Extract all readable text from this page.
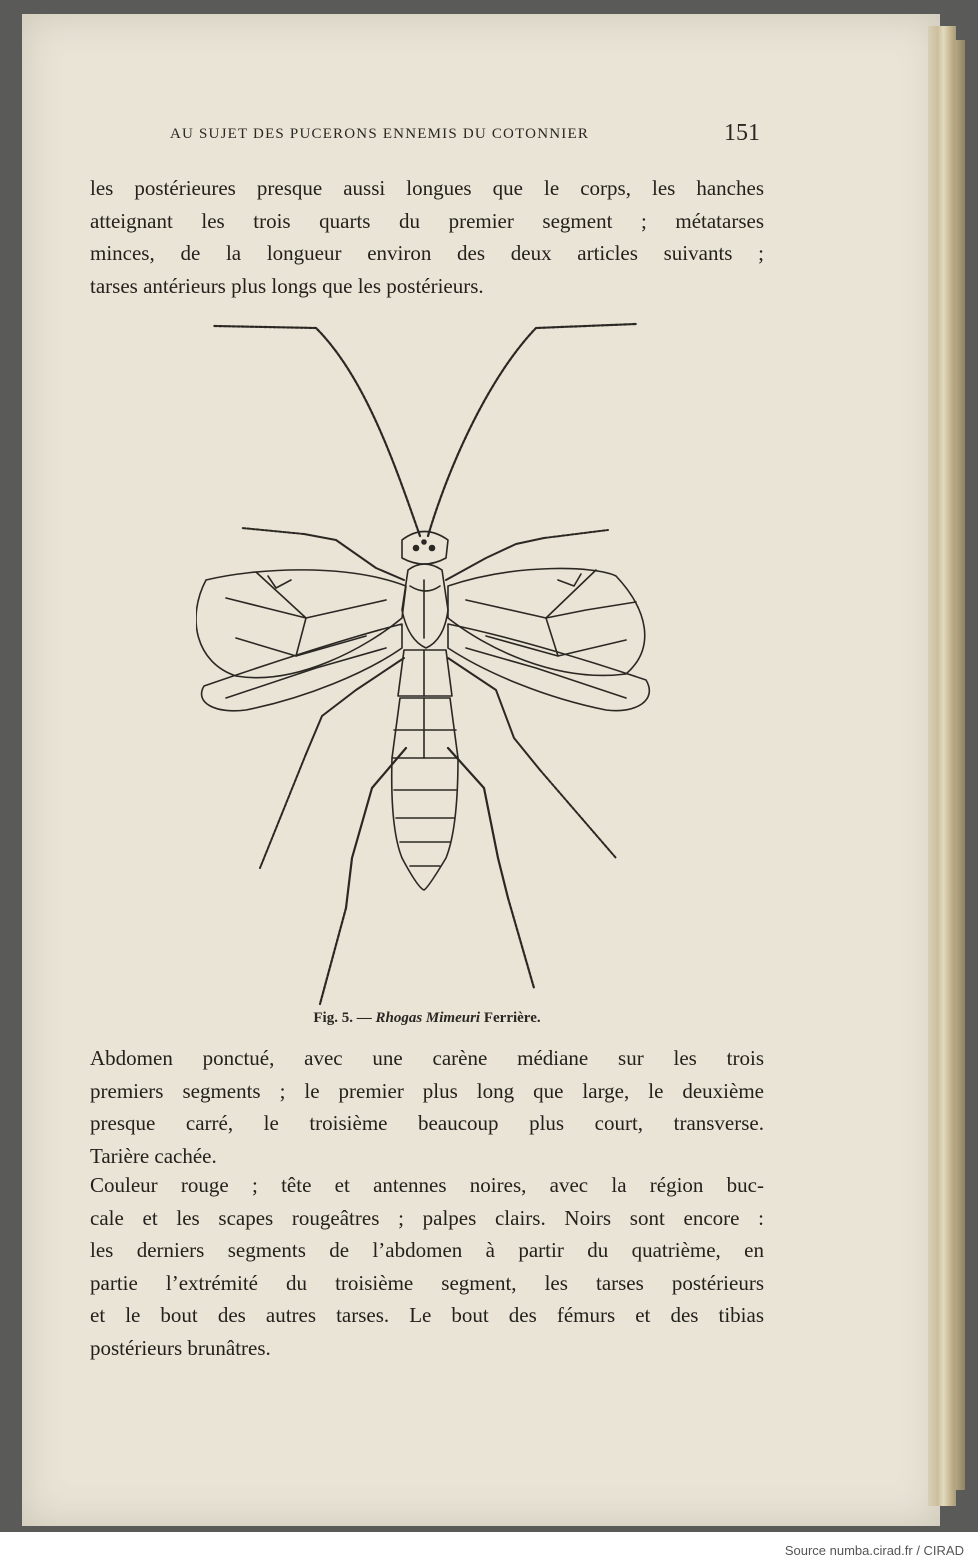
AU SUJET DES PUCERONS ENNEMIS DU COTONNIER	151
les postérieures presque aussi longues que le corps, les hanches
atteignant les trois quarts du premier segment ; métatarses
minces, de la longueur environ des deux articles suivants ;
tarses antérieurs plus longs que les postérieurs.
Fig. 5. — Rhogas Mimeuri Ferrière.
Abdomen ponctué, avec une carène médiane sur les trois
premiers segments ; le premier plus long que large, le deuxième
presque carré, le troisième beaucoup plus court, transverse.
Tarière cachée.
Couleur rouge ; tête et antennes noires, avec la région buc-
cale et les scapes rougeâtres ; palpes clairs. Noirs sont encore :
les derniers segments de l’abdomen à partir du quatrième, en
partie l’extrémité du troisième segment, les tarses postérieurs
et le bout des autres tarses. Le bout des fémurs et des tibias
postérieurs brunâtres.
Source numba.cirad.fr / CIRAD
